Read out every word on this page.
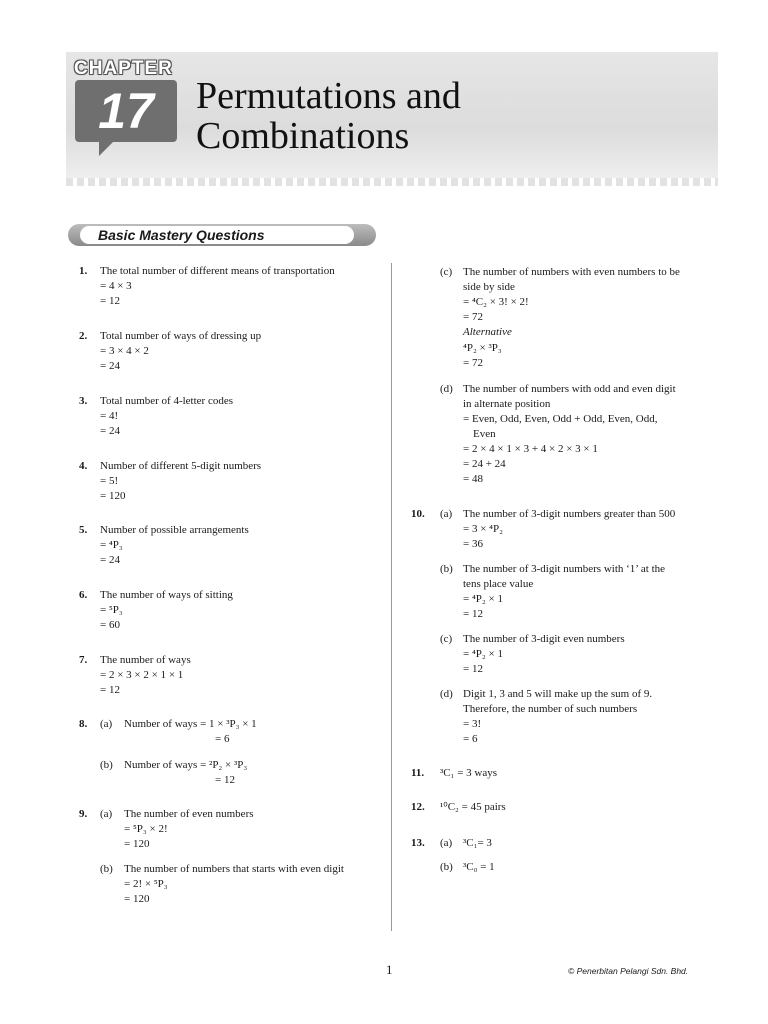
CHAPTER
17	Permutations and
Combinations
Basic Mastery Questions
1. The total number of different means of transportation
= 4 × 3
= 12
2. Total number of ways of dressing up
= 3 × 4 × 2
= 24
3. Total number of 4-letter codes
= 4!
= 24
4. Number of different 5-digit numbers
= 5!
= 120
5. Number of possible arrangements
= ⁴P₃
= 24
6. The number of ways of sitting
= ⁵P₃
= 60
7. The number of ways
= 2 × 3 × 2 × 1 × 1
= 12
8. (a) Number of ways = 1 × ³P₃ × 1
= 6
(b) Number of ways = ²P₂ × ³P₃
= 12
9. (a) The number of even numbers
= ⁵P₃ × 2!
= 120
(b) The number of numbers that starts with even digit
= 2! × ⁵P₃
= 120
(c) The number of numbers with even numbers to be
side by side
= ⁴C₂ × 3! × 2!
= 72
Alternative
⁴P₂ × ³P₃
= 72
(d) The number of numbers with odd and even digit
in alternate position
= Even, Odd, Even, Odd + Odd, Even, Odd,
Even
= 2 × 4 × 1 × 3 + 4 × 2 × 3 × 1
= 24 + 24
= 48
10. (a) The number of 3-digit numbers greater than 500
= 3 × ⁴P₂
= 36
(b) The number of 3-digit numbers with ‘1’ at the
tens place value
= ⁴P₂ × 1
= 12
(c) The number of 3-digit even numbers
= ⁴P₂ × 1
= 12
(d) Digit 1, 3 and 5 will make up the sum of 9.
Therefore, the number of such numbers
= 3!
= 6
11. ³C₁ = 3 ways
12. ¹⁰C₂ = 45 pairs
13. (a) ³C₁= 3
(b) ³C₀ = 1
1	© Penerbitan Pelangi Sdn. Bhd.
